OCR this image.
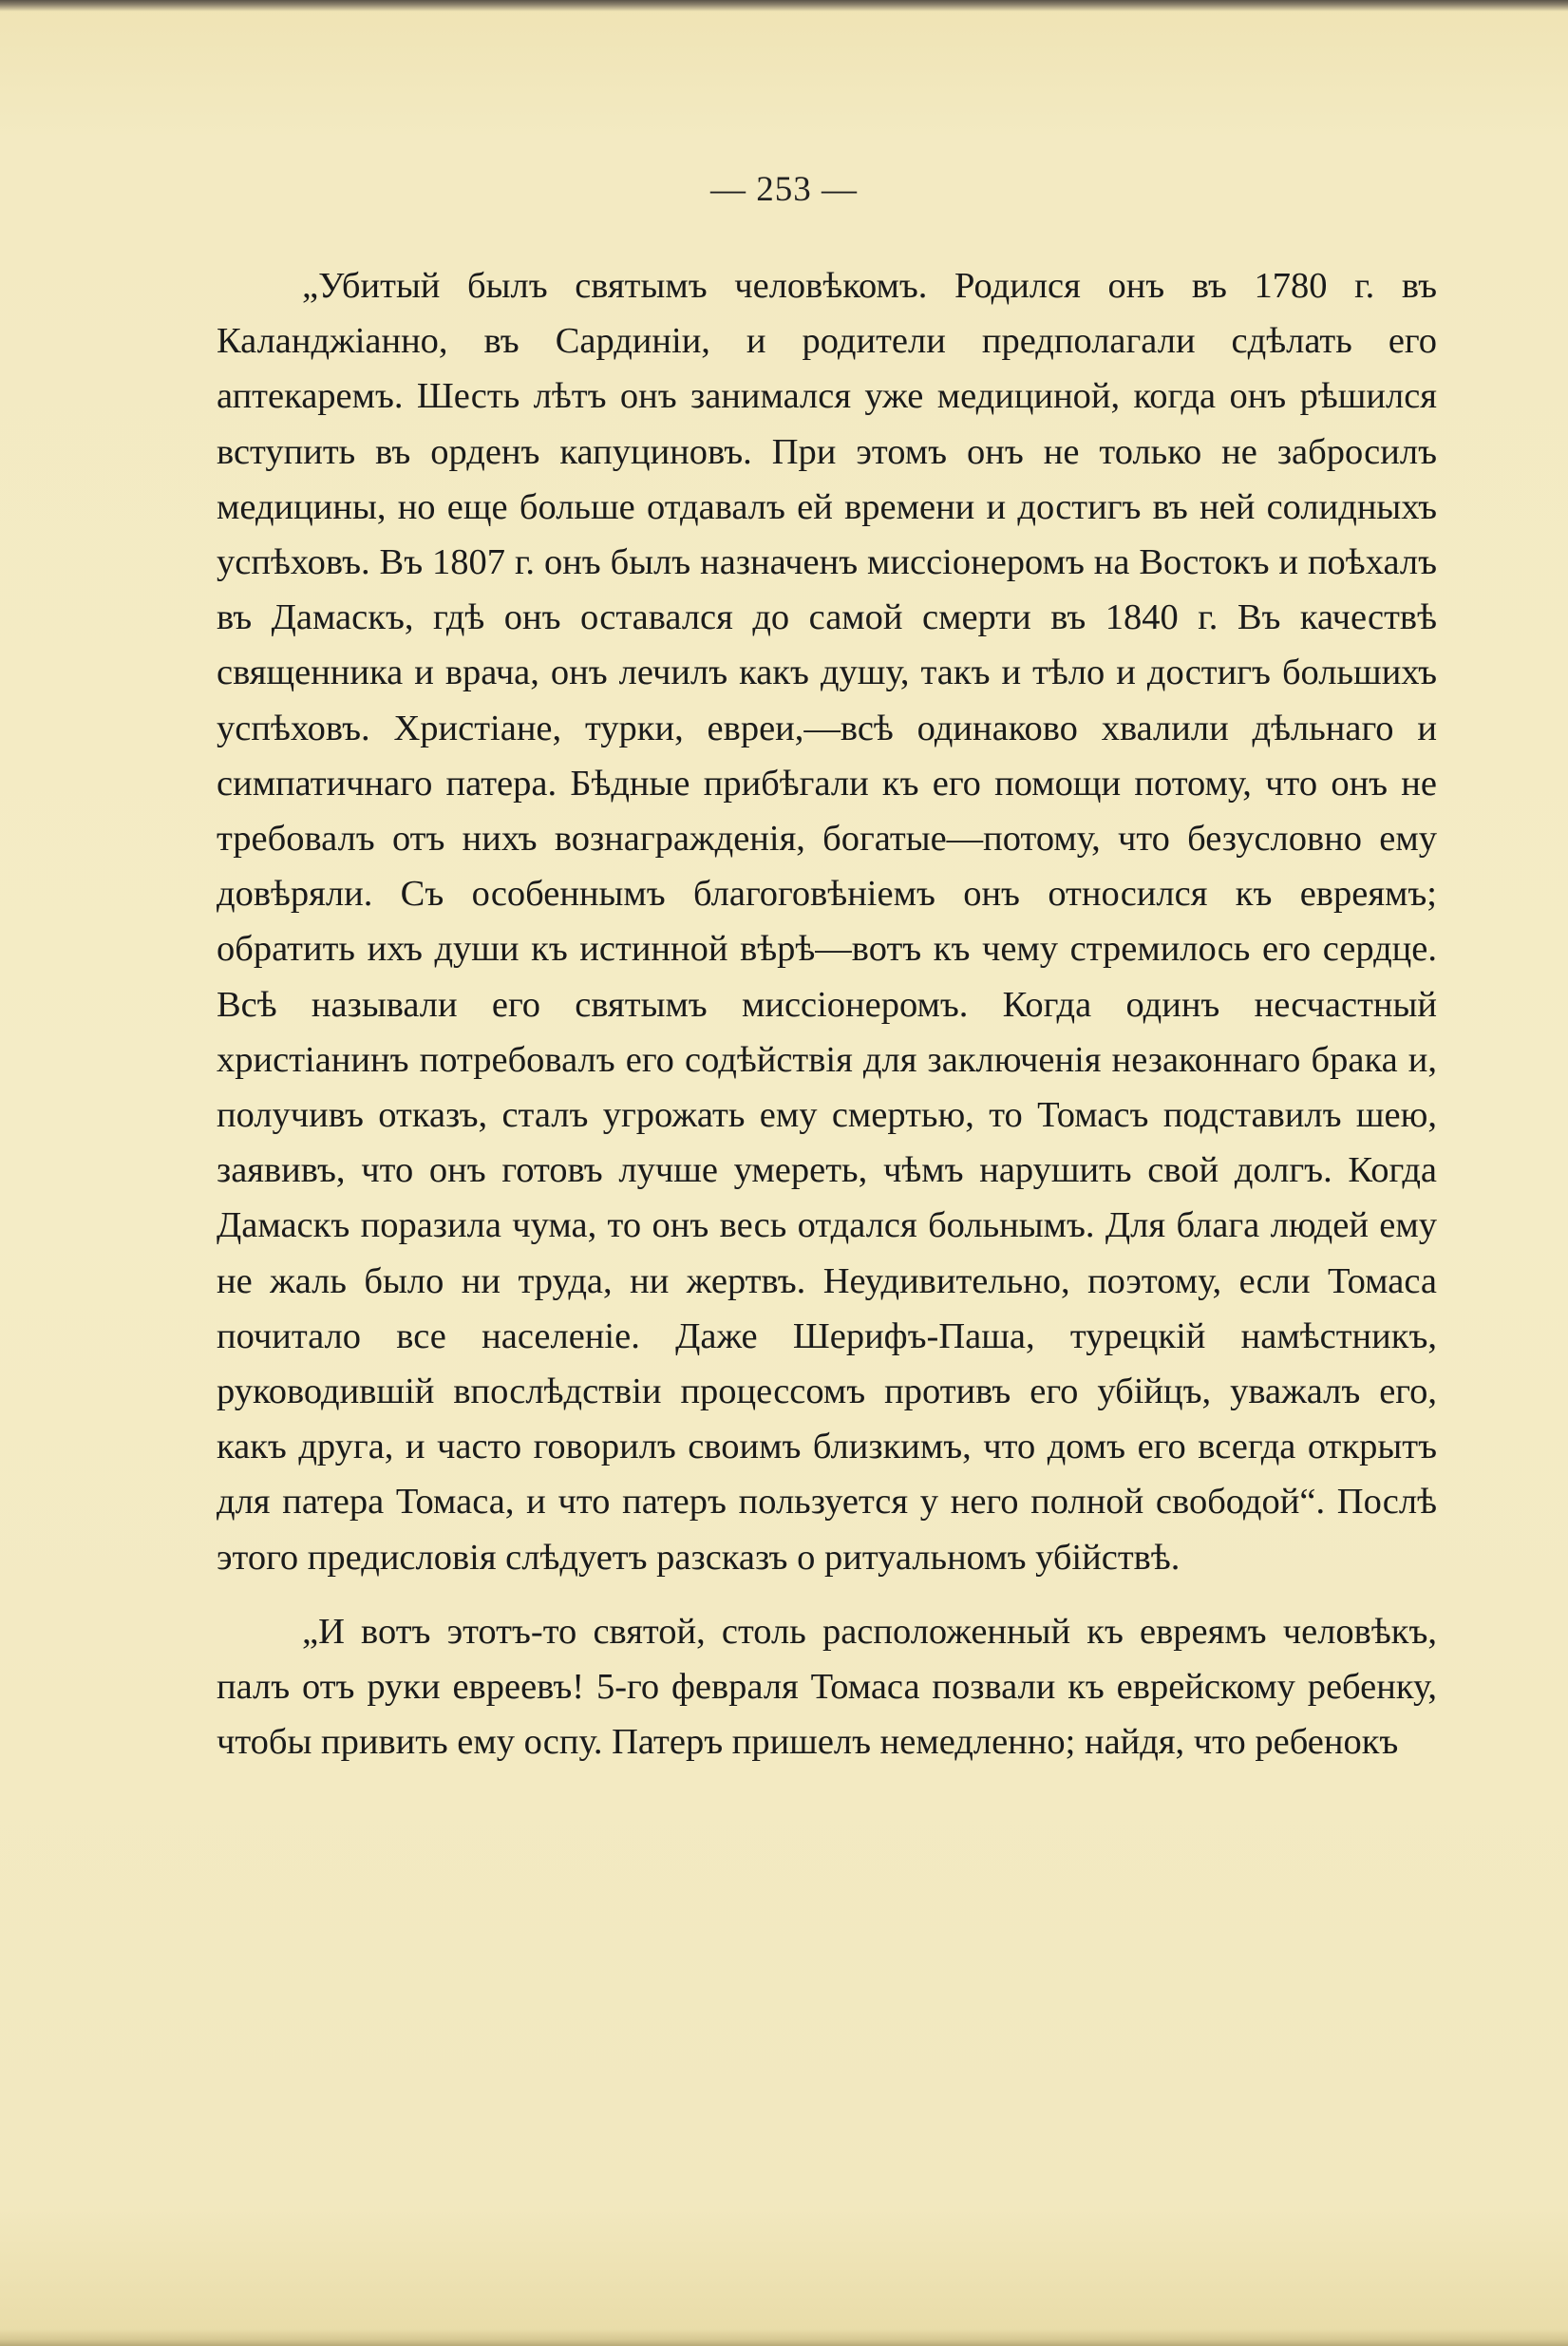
— 253 —

„Убитый былъ святымъ человѣкомъ. Родился онъ въ 1780 г. въ Каланджіанно, въ Сардиніи, и родители предполагали сдѣлать его аптекаремъ. Шесть лѣтъ онъ занимался уже медициной, когда онъ рѣшился вступить въ орденъ капуциновъ. При этомъ онъ не только не забросилъ медицины, но еще больше отдавалъ ей времени и достигъ въ ней солидныхъ успѣховъ. Въ 1807 г. онъ былъ назначенъ миссіонеромъ на Востокъ и поѣхалъ въ Дамаскъ, гдѣ онъ оставался до самой смерти въ 1840 г. Въ качествѣ священника и врача, онъ лечилъ какъ душу, такъ и тѣло и достигъ большихъ успѣховъ. Христіане, турки, евреи,—всѣ одинаково хвалили дѣльнаго и симпатичнаго патера. Бѣдные прибѣгали къ его помощи потому, что онъ не требовалъ отъ нихъ вознагражденія, богатые—потому, что безусловно ему довѣряли. Съ особеннымъ благоговѣніемъ онъ относился къ евреямъ; обратить ихъ души къ истинной вѣрѣ—вотъ къ чему стремилось его сердце. Всѣ называли его святымъ миссіонеромъ. Когда одинъ несчастный христіанинъ потребовалъ его содѣйствія для заключенія незаконнаго брака и, получивъ отказъ, сталъ угрожать ему смертью, то Томасъ подставилъ шею, заявивъ, что онъ готовъ лучше умереть, чѣмъ нарушить свой долгъ. Когда Дамаскъ поразила чума, то онъ весь отдался больнымъ. Для блага людей ему не жаль было ни труда, ни жертвъ. Неудивительно, поэтому, если Томаса почитало все населеніе. Даже Шерифъ-Паша, турецкій намѣстникъ, руководившій впослѣдствіи процессомъ противъ его убійцъ, уважалъ его, какъ друга, и часто говорилъ своимъ близкимъ, что домъ его всегда открытъ для патера Томаса, и что патеръ пользуется у него полной свободой“. Послѣ этого предисловія слѣдуетъ разсказъ о ритуальномъ убійствѣ.

„И вотъ этотъ-то святой, столь расположенный къ евреямъ человѣкъ, палъ отъ руки евреевъ! 5-го февраля Томаса позвали къ еврейскому ребенку, чтобы привить ему оспу. Патеръ пришелъ немедленно; найдя, что ребенокъ
